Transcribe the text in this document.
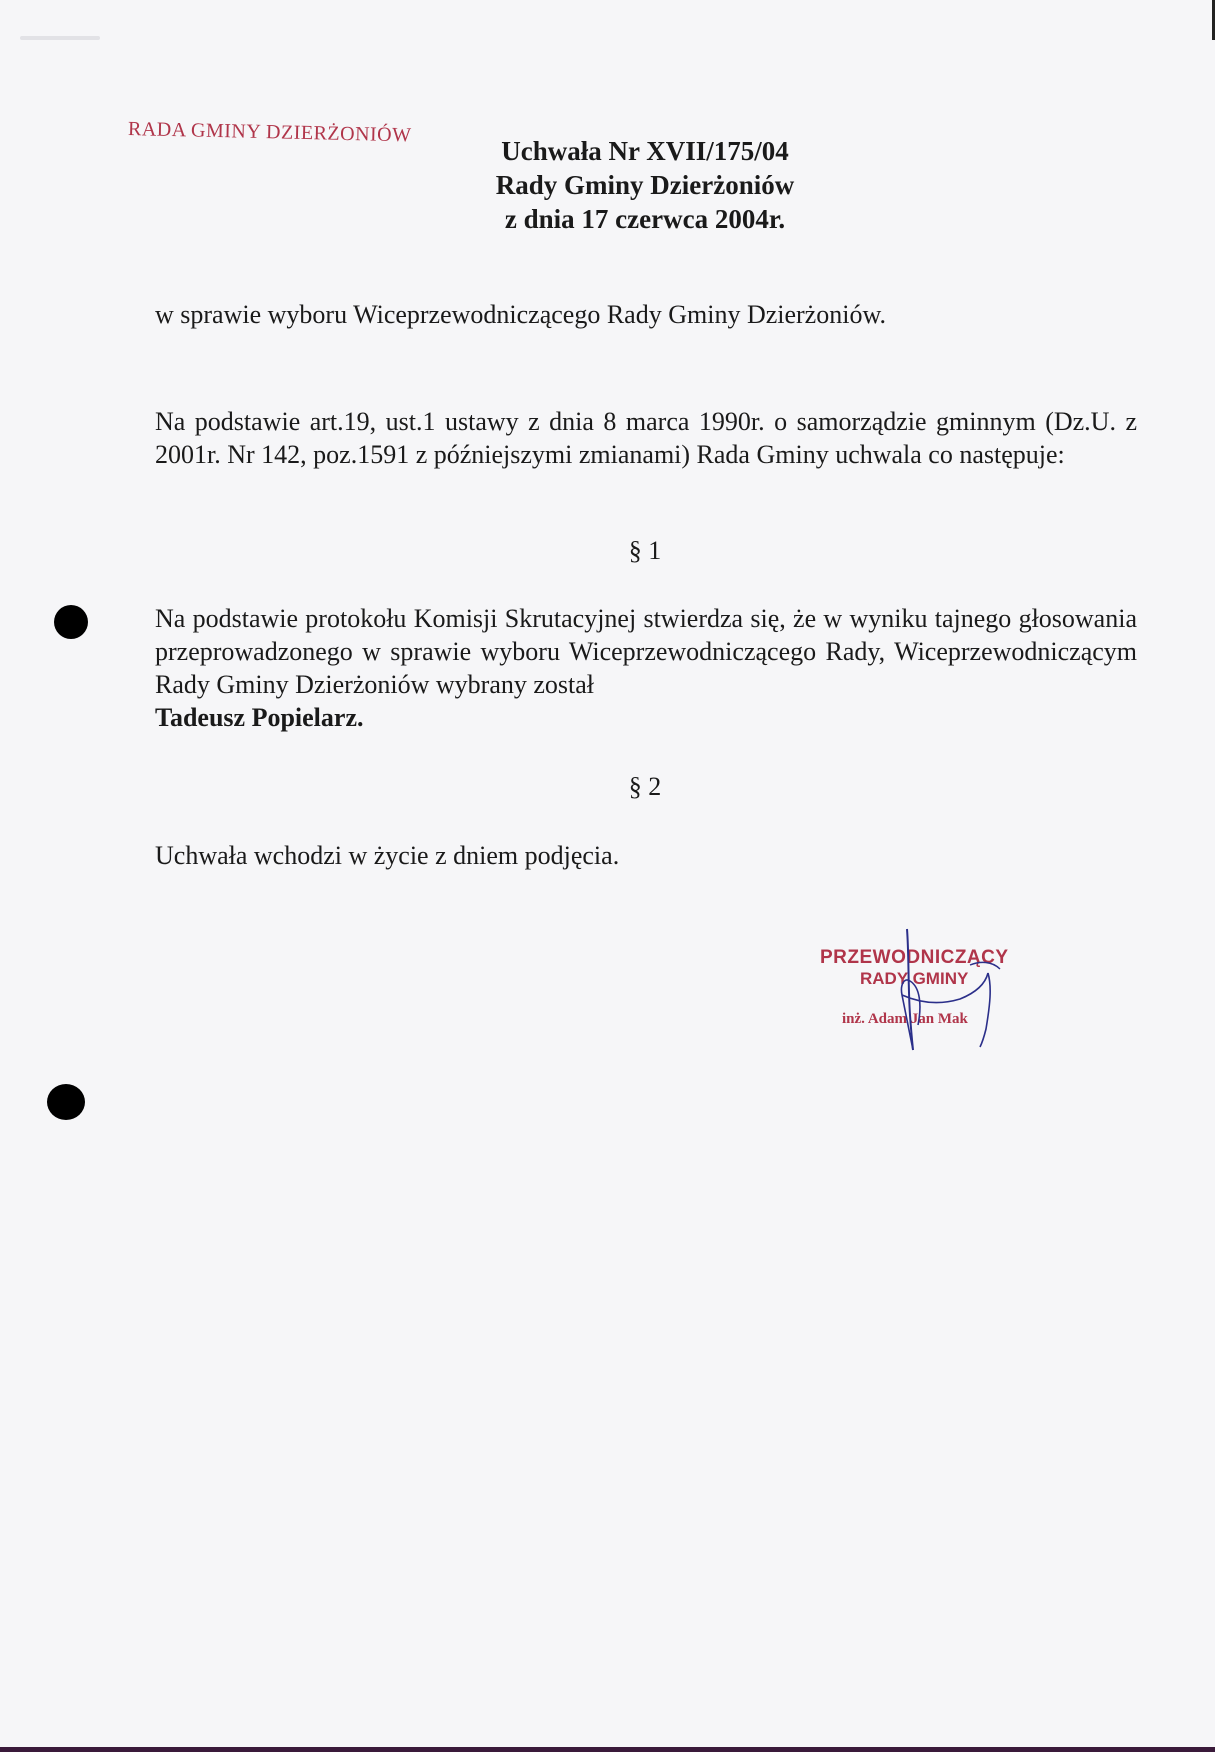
RADA GMINY DZIERŻONIÓW
Uchwała Nr XVII/175/04
Rady Gminy Dzierżoniów
z dnia 17 czerwca 2004r.
w sprawie wyboru Wiceprzewodniczącego Rady Gminy Dzierżoniów.
Na podstawie art.19, ust.1 ustawy z dnia 8 marca 1990r. o samorządzie gminnym (Dz.U. z 2001r. Nr 142, poz.1591 z późniejszymi zmianami) Rada Gminy uchwala co następuje:
§ 1
Na podstawie protokołu Komisji Skrutacyjnej stwierdza się, że w wyniku tajnego głosowania przeprowadzonego w sprawie wyboru Wiceprzewodniczącego Rady, Wiceprzewodniczącym Rady Gminy Dzierżoniów wybrany został
Tadeusz Popielarz.
§ 2
Uchwała wchodzi w życie z dniem podjęcia.
PRZEWODNICZĄCY
RADY GMINY
inż. Adam Jan Mak
